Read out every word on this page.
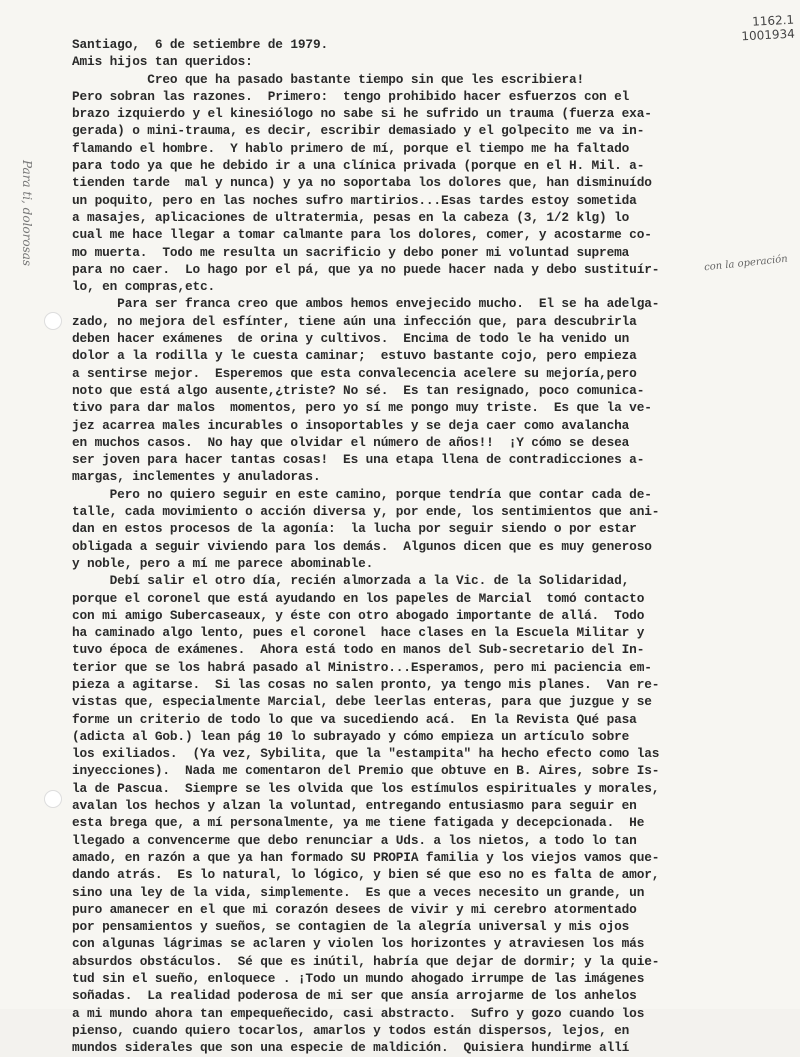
1162.1
1001934
Para ti, dolorosas	con la operación
Santiago,  6 de setiembre de 1979.
Amis hijos tan queridos:
Creo que ha pasado bastante tiempo sin que les escribiera!
Pero sobran las razones.  Primero:  tengo prohibido hacer esfuerzos con el
brazo izquierdo y el kinesiólogo no sabe si he sufrido un trauma (fuerza exa-
gerada) o mini-trauma, es decir, escribir demasiado y el golpecito me va in-
flamando el hombre.  Y hablo primero de mí, porque el tiempo me ha faltado
para todo ya que he debido ir a una clínica privada (porque en el H. Mil. a-
tienden tarde  mal y nunca) y ya no soportaba los dolores que, han disminuído
un poquito, pero en las noches sufro martirios...Esas tardes estoy sometida
a masajes, aplicaciones de ultratermia, pesas en la cabeza (3, 1/2 klg) lo
cual me hace llegar a tomar calmante para los dolores, comer, y acostarme co-
mo muerta.  Todo me resulta un sacrificio y debo poner mi voluntad suprema
para no caer.  Lo hago por el pá, que ya no puede hacer nada y debo sustituír-
lo, en compras,etc.
Para ser franca creo que ambos hemos envejecido mucho.  El se ha adelga-
zado, no mejora del esfínter, tiene aún una infección que, para descubrirla
deben hacer exámenes  de orina y cultivos.  Encima de todo le ha venido un
dolor a la rodilla y le cuesta caminar;  estuvo bastante cojo, pero empieza
a sentirse mejor.  Esperemos que esta convalecencia acelere su mejoría,pero
noto que está algo ausente,¿triste? No sé.  Es tan resignado, poco comunica-
tivo para dar malos  momentos, pero yo sí me pongo muy triste.  Es que la ve-
jez acarrea males incurables o insoportables y se deja caer como avalancha
en muchos casos.  No hay que olvidar el número de años!!  ¡Y cómo se desea
ser joven para hacer tantas cosas!  Es una etapa llena de contradicciones a-
margas, inclementes y anuladoras.
Pero no quiero seguir en este camino, porque tendría que contar cada de-
talle, cada movimiento o acción diversa y, por ende, los sentimientos que ani-
dan en estos procesos de la agonía:  la lucha por seguir siendo o por estar
obligada a seguir viviendo para los demás.  Algunos dicen que es muy generoso
y noble, pero a mí me parece abominable.
Debí salir el otro día, recién almorzada a la Vic. de la Solidaridad,
porque el coronel que está ayudando en los papeles de Marcial  tomó contacto
con mi amigo Subercaseaux, y éste con otro abogado importante de allá.  Todo
ha caminado algo lento, pues el coronel  hace clases en la Escuela Militar y
tuvo época de exámenes.  Ahora está todo en manos del Sub-secretario del In-
terior que se los habrá pasado al Ministro...Esperamos, pero mi paciencia em-
pieza a agitarse.  Si las cosas no salen pronto, ya tengo mis planes.  Van re-
vistas que, especialmente Marcial, debe leerlas enteras, para que juzgue y se
forme un criterio de todo lo que va sucediendo acá.  En la Revista Qué pasa
(adicta al Gob.) lean pág 10 lo subrayado y cómo empieza un artículo sobre
los exiliados.  (Ya vez, Sybilita, que la "estampita" ha hecho efecto como las
inyecciones).  Nada me comentaron del Premio que obtuve en B. Aires, sobre Is-
la de Pascua.  Siempre se les olvida que los estímulos espirituales y morales,
avalan los hechos y alzan la voluntad, entregando entusiasmo para seguir en
esta brega que, a mí personalmente, ya me tiene fatigada y decepcionada.  He
llegado a convencerme que debo renunciar a Uds. a los nietos, a todo lo tan
amado, en razón a que ya han formado SU PROPIA familia y los viejos vamos que-
dando atrás.  Es lo natural, lo lógico, y bien sé que eso no es falta de amor,
sino una ley de la vida, simplemente.  Es que a veces necesito un grande, un
puro amanecer en el que mi corazón desees de vivir y mi cerebro atormentado
por pensamientos y sueños, se contagien de la alegría universal y mis ojos
con algunas lágrimas se aclaren y violen los horizontes y atraviesen los más
absurdos obstáculos.  Sé que es inútil, habría que dejar de dormir; y la quie-
tud sin el sueño, enloquece . ¡Todo un mundo ahogado irrumpe de las imágenes
soñadas.  La realidad poderosa de mi ser que ansía arrojarme de los anhelos
a mi mundo ahora tan empequeñecido, casi abstracto.  Sufro y gozo cuando los
pienso, cuando quiero tocarlos, amarlos y todos están dispersos, lejos, en
mundos siderales que son una especie de maldición.  Quisiera hundirme allí
